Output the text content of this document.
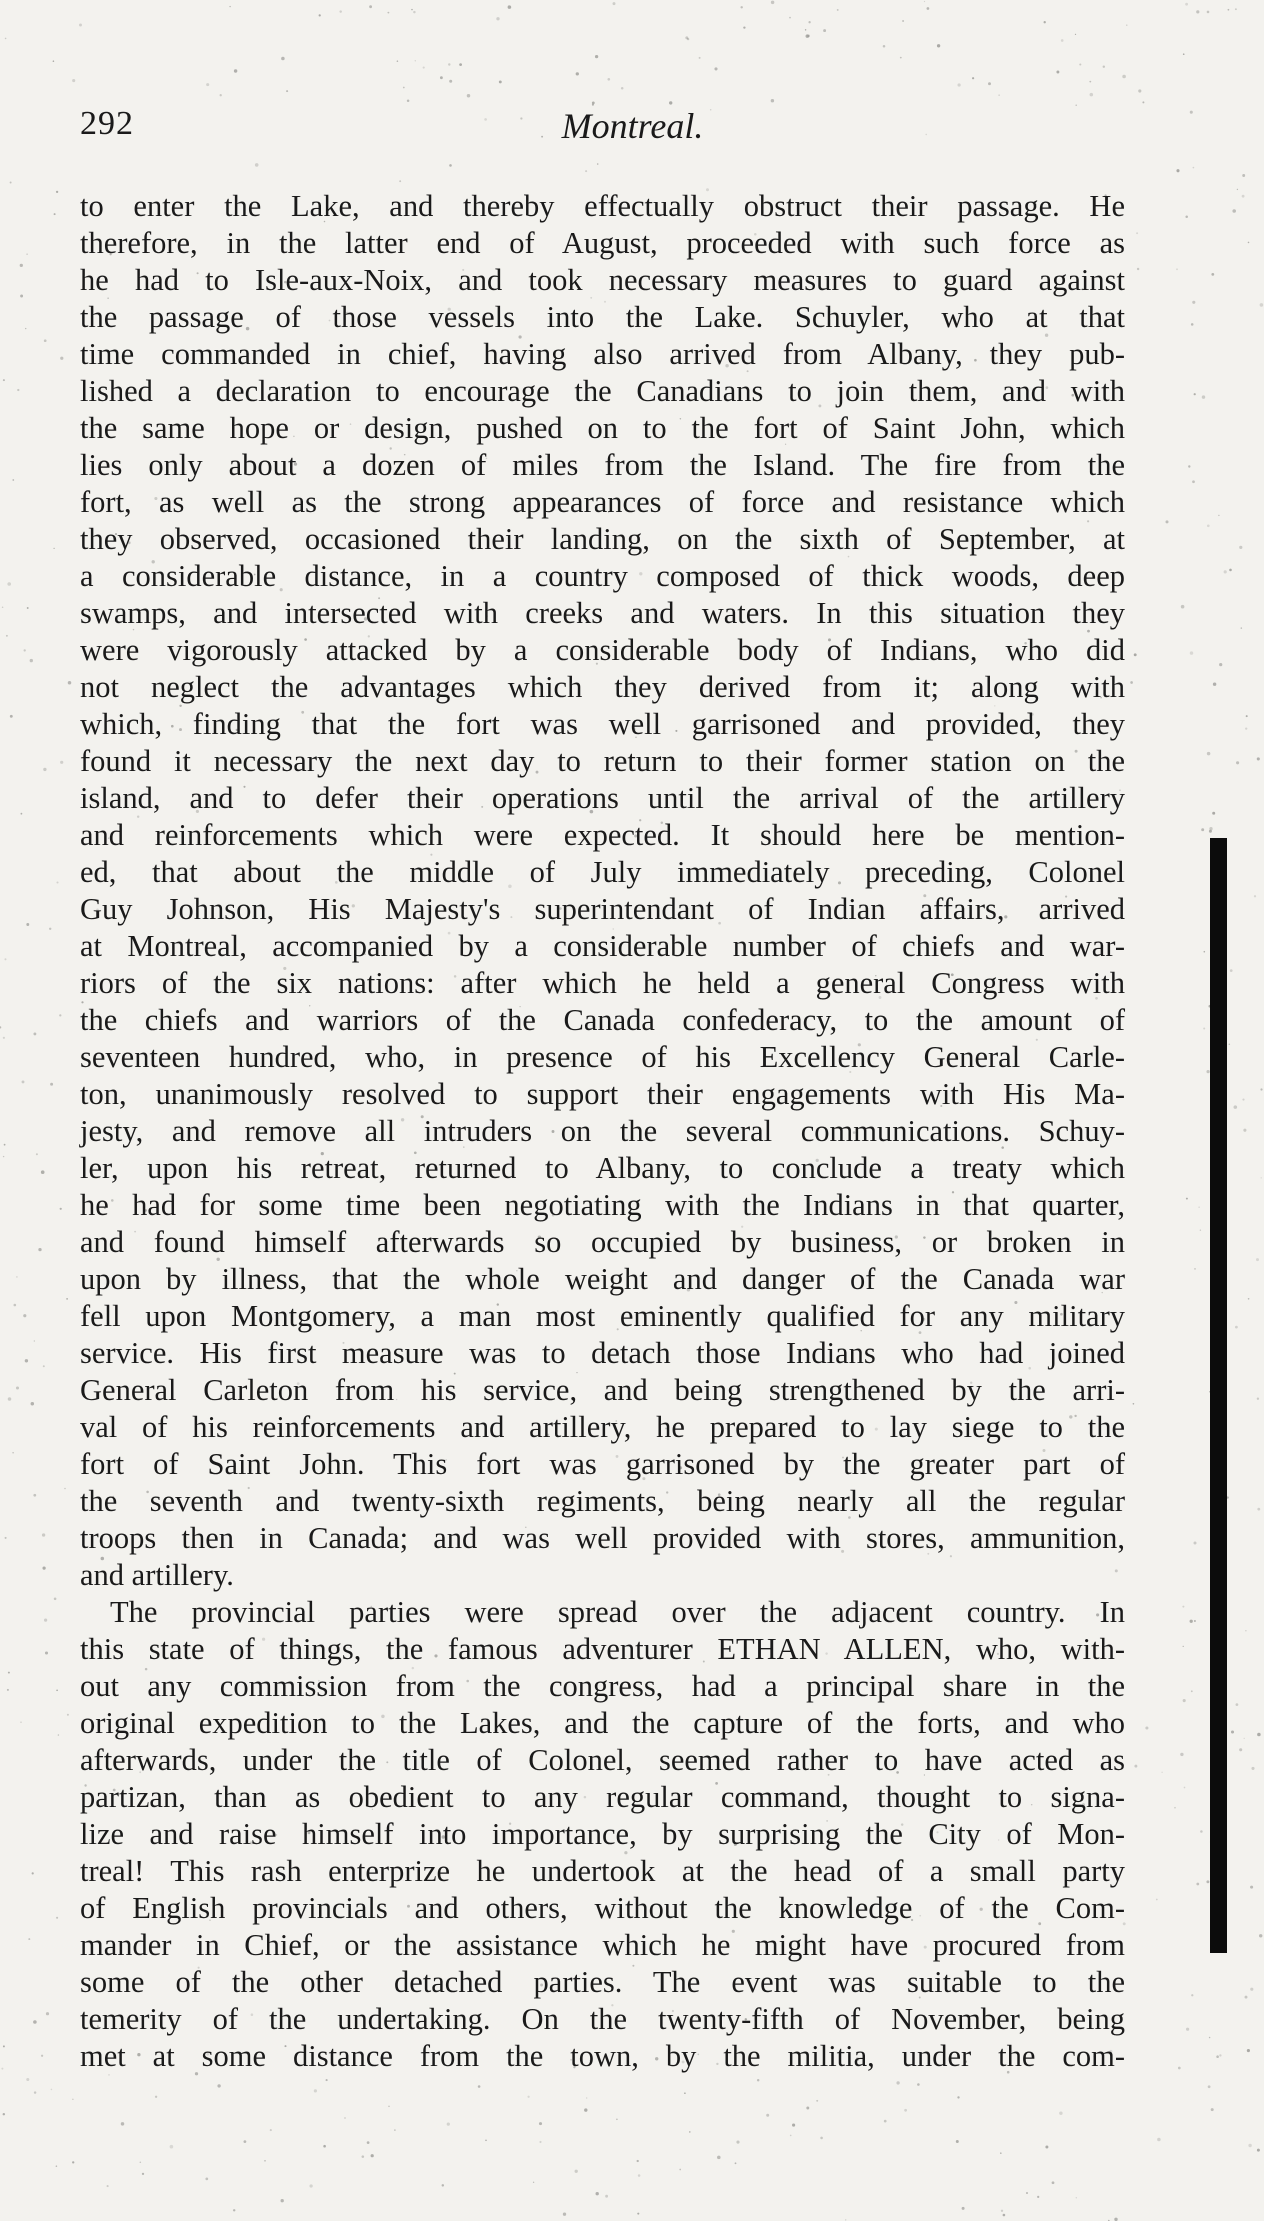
292	Montreal.
to enter the Lake, and thereby effectually obstruct their passage. He
therefore, in the latter end of August, proceeded with such force as
he had to Isle-aux-Noix, and took necessary measures to guard against
the passage of those vessels into the Lake. Schuyler, who at that
time commanded in chief, having also arrived from Albany, they pub-
lished a declaration to encourage the Canadians to join them, and with
the same hope or design, pushed on to the fort of Saint John, which
lies only about a dozen of miles from the Island. The fire from the
fort, as well as the strong appearances of force and resistance which
they observed, occasioned their landing, on the sixth of September, at
a considerable distance, in a country composed of thick woods, deep
swamps, and intersected with creeks and waters. In this situation they
were vigorously attacked by a considerable body of Indians, who did
not neglect the advantages which they derived from it; along with
which, finding that the fort was well garrisoned and provided, they
found it necessary the next day to return to their former station on the
island, and to defer their operations until the arrival of the artillery
and reinforcements which were expected. It should here be mention-
ed, that about the middle of July immediately preceding, Colonel
Guy Johnson, His Majesty's superintendant of Indian affairs, arrived
at Montreal, accompanied by a considerable number of chiefs and war-
riors of the six nations: after which he held a general Congress with
the chiefs and warriors of the Canada confederacy, to the amount of
seventeen hundred, who, in presence of his Excellency General Carle-
ton, unanimously resolved to support their engagements with His Ma-
jesty, and remove all intruders on the several communications. Schuy-
ler, upon his retreat, returned to Albany, to conclude a treaty which
he had for some time been negotiating with the Indians in that quarter,
and found himself afterwards so occupied by business, or broken in
upon by illness, that the whole weight and danger of the Canada war
fell upon Montgomery, a man most eminently qualified for any military
service. His first measure was to detach those Indians who had joined
General Carleton from his service, and being strengthened by the arri-
val of his reinforcements and artillery, he prepared to lay siege to the
fort of Saint John. This fort was garrisoned by the greater part of
the seventh and twenty-sixth regiments, being nearly all the regular
troops then in Canada; and was well provided with stores, ammunition,
and artillery.
The provincial parties were spread over the adjacent country. In
this state of things, the famous adventurer ETHAN ALLEN, who, with-
out any commission from the congress, had a principal share in the
original expedition to the Lakes, and the capture of the forts, and who
afterwards, under the title of Colonel, seemed rather to have acted as
partizan, than as obedient to any regular command, thought to signa-
lize and raise himself into importance, by surprising the City of Mon-
treal! This rash enterprize he undertook at the head of a small party
of English provincials and others, without the knowledge of the Com-
mander in Chief, or the assistance which he might have procured from
some of the other detached parties. The event was suitable to the
temerity of the undertaking. On the twenty-fifth of November, being
met at some distance from the town, by the militia, under the com-
